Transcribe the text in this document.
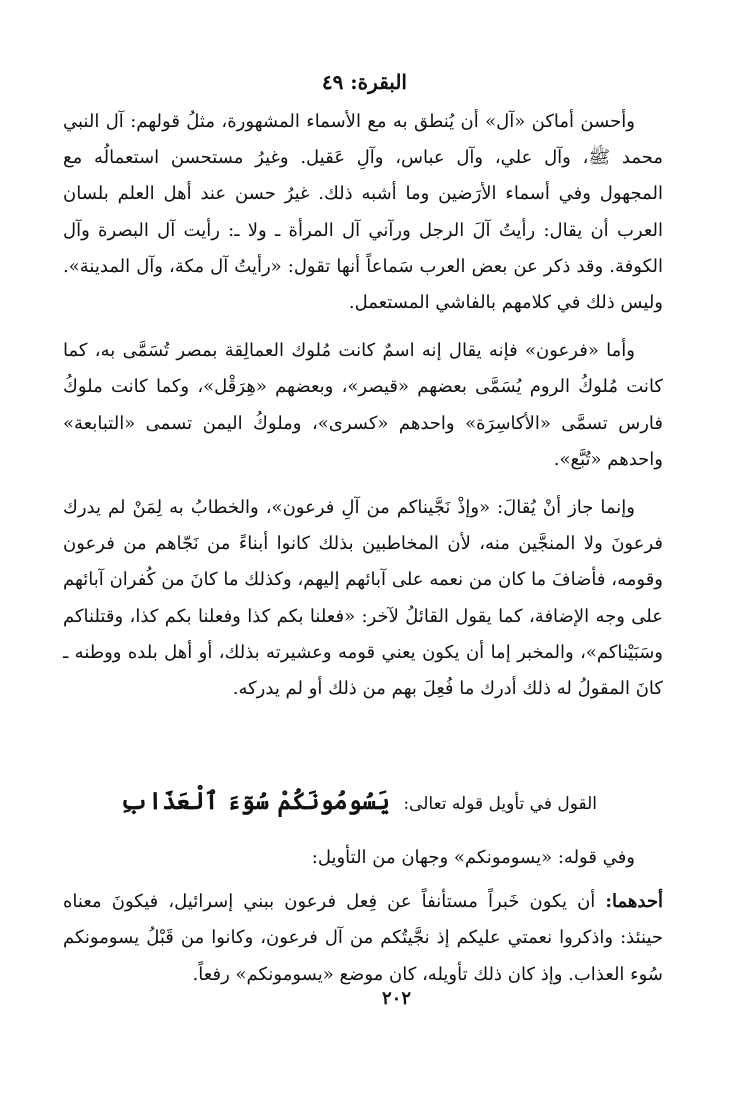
البقرة: ٤٩

وأحسن أماكن «آل» أن يُنطق به مع الأسماء المشهورة، مثلُ قولهم: آل النبي محمد ﷺ، وآل علي، وآل عباس، وآلِ عَقيل. وغيرُ مستحسن استعمالُه مع المجهول وفي أسماء الأرَضين وما أشبه ذلك. غيرُ حسن عند أهل العلم بلسان العرب أن يقال: رأيتُ آلَ الرجل ورآني آل المرأة ـ ولا ـ: رأيت آل البصرة وآل الكوفة. وقد ذكر عن بعض العرب سَماعاً أنها تقول: «رأيتُ آل مكة، وآل المدينة». وليس ذلك في كلامهم بالفاشي المستعمل.

وأما «فرعون» فإنه يقال إنه اسمٌ كانت مُلوك العمالِقة بمصر تُسَمَّى به، كما كانت مُلوكُ الروم يُسَمَّى بعضهم «قيصر»، وبعضهم «هِرَقْل»، وكما كانت ملوكُ فارس تسمَّى «الأكاسِرَة» واحدهم «كسرى»، وملوكُ اليمن تسمى «التبابعة» واحدهم «تُبَّع».

وإنما جاز أنْ يُقالَ: «وإذْ نَجَّيناكم من آلِ فرعون»، والخطابُ به لِمَنْ لم يدرك فرعونَ ولا المنجَّين منه، لأن المخاطبين بذلك كانوا أبناءً من نَجّاهم من فرعون وقومه، فأضافَ ما كان من نعمه على آبائهم إليهم، وكذلك ما كانَ من كُفران آبائهم على وجه الإضافة، كما يقول القائلُ لآخر: «فعلنا بكم كذا وفعلنا بكم كذا، وقتلناكم وسَبَيْناكم»، والمخبر إما أن يكون يعني قومه وعشيرته بذلك، أو أهل بلده ووطنه ـ كانَ المقولُ له ذلك أدرك ما فُعِلَ بهم من ذلك أو لم يدركه.

القول في تأويل قوله تعالى: يَسُومُونَكُمْ سُوٓءَ ٱلْعَذَابِ

وفي قوله: «يسومونكم» وجهان من التأويل:

أحدهما: أن يكون خَبراً مستأنفاً عن فِعل فرعون ببني إسرائيل، فيكونَ معناه حينئذ: واذكروا نعمتي عليكم إذ نجَّيتُكم من آل فرعون، وكانوا من قَبْلُ يسومونكم سُوء العذاب. وإذ كان ذلك تأويله، كان موضع «يسومونكم» رفعاً.

٢٠٢
